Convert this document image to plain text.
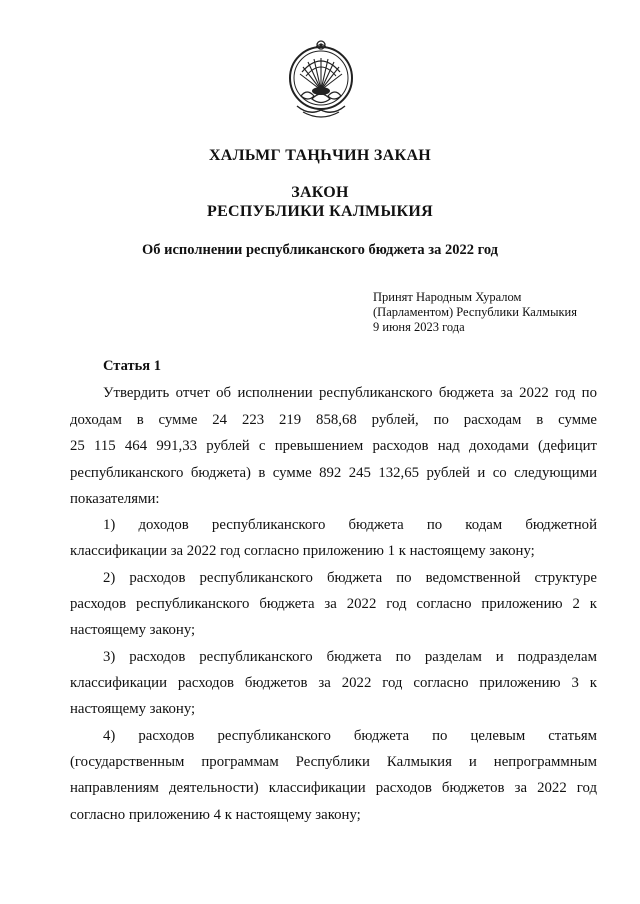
ХАЛЬМГ ТАҢҺЧИН ЗАКАН
ЗАКОН
РЕСПУБЛИКИ КАЛМЫКИЯ
Об исполнении республиканского бюджета за 2022 год
Принят Народным Хуралом
(Парламентом) Республики Калмыкия
9 июня 2023 года
Статья 1
Утвердить отчет об исполнении республиканского бюджета за 2022 год по
доходам в сумме 24 223 219 858,68 рублей, по расходам в сумме
25 115 464 991,33 рублей с превышением расходов над доходами (дефицит
республиканского бюджета) в сумме 892 245 132,65 рублей и со следующими
показателями:
1) доходов республиканского бюджета по кодам бюджетной
классификации за 2022 год согласно приложению 1 к настоящему закону;
2) расходов республиканского бюджета по ведомственной структуре
расходов республиканского бюджета за 2022 год согласно приложению 2 к
настоящему закону;
3) расходов республиканского бюджета по разделам и подразделам
классификации расходов бюджетов за 2022 год согласно приложению 3 к
настоящему закону;
4) расходов республиканского бюджета по целевым статьям
(государственным программам Республики Калмыкия и непрограммным
направлениям деятельности) классификации расходов бюджетов за 2022 год
согласно приложению 4 к настоящему закону;
